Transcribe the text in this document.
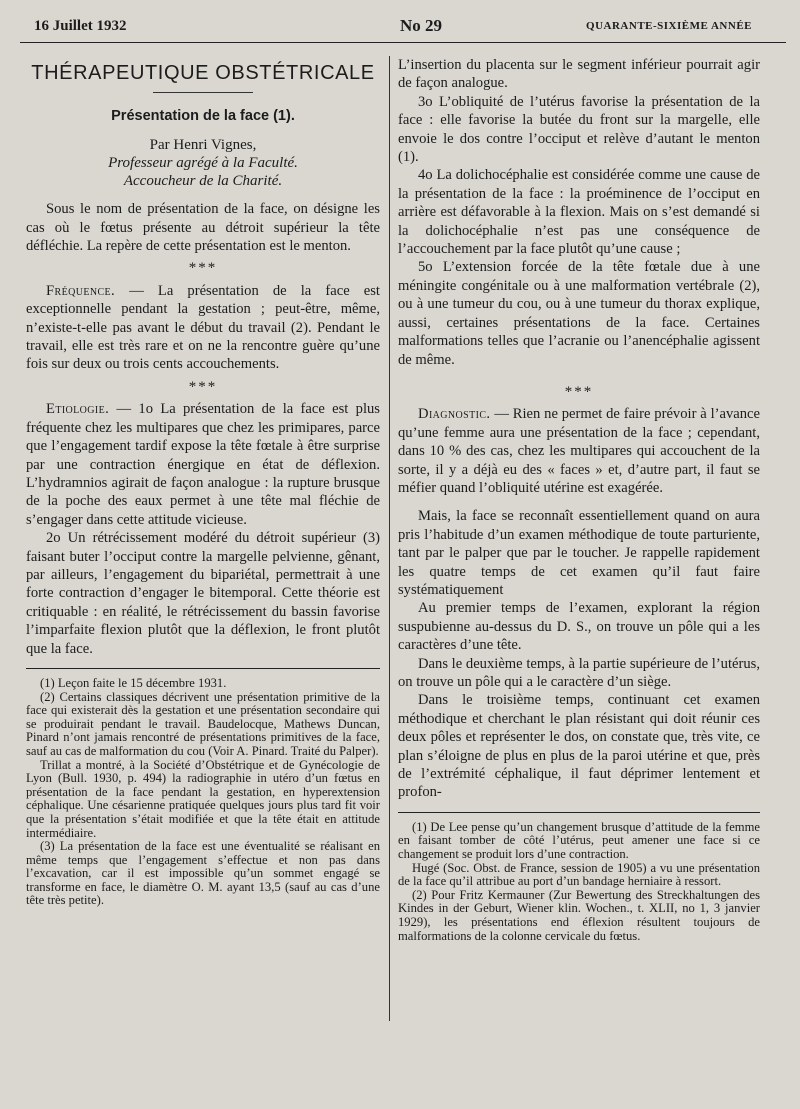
16 Juillet 1932	No 29	QUARANTE-SIXIÈME ANNÉE
THÉRAPEUTIQUE OBSTÉTRICALE
Présentation de la face (1).
Par Henri Vignes,
Professeur agrégé à la Faculté.
Accoucheur de la Charité.

Sous le nom de présentation de la face, on désigne les cas où le fœtus présente au détroit supérieur la tête défléchie. La repère de cette présentation est le menton.

***

Fréquence. — La présentation de la face est exceptionnelle pendant la gestation ; peut-être, même, n’existe-t-elle pas avant le début du travail (2). Pendant le travail, elle est très rare et on ne la rencontre guère qu’une fois sur deux ou trois cents accouchements.

***

Etiologie. — 1o La présentation de la face est plus fréquente chez les multipares que chez les primipares, parce que l’engagement tardif expose la tête fœtale à être surprise par une contraction énergique en état de déflexion. L’hydramnios agirait de façon analogue : la rupture brusque de la poche des eaux permet à une tête mal fléchie de s’engager dans cette attitude vicieuse.

2o Un rétrécissement modéré du détroit supérieur (3) faisant buter l’occiput contre la margelle pelvienne, gênant, par ailleurs, l’engagement du bipariétal, permettrait à une forte contraction d’engager le bitemporal. Cette théorie est critiquable : en réalité, le rétrécissement du bassin favorise l’imparfaite flexion plutôt que la déflexion, le front plutôt que la face.

(1) Leçon faite le 15 décembre 1931.

(2) Certains classiques décrivent une présentation primitive de la face qui existerait dès la gestation et une présentation secondaire qui se produirait pendant le travail. Baudelocque, Mathews Duncan, Pinard n’ont jamais rencontré de présentations primitives de la face, sauf au cas de malformation du cou (Voir A. Pinard. Traité du Palper).

Trillat a montré, à la Société d’Obstétrique et de Gynécologie de Lyon (Bull. 1930, p. 494) la radiographie in utéro d’un fœtus en présentation de la face pendant la gestation, en hyperextension céphalique. Une césarienne pratiquée quelques jours plus tard fit voir que la présentation s’était modifiée et que la tête était en attitude intermédiaire.

(3) La présentation de la face est une éventualité se réalisant en même temps que l’engagement s’effectue et non pas dans l’excavation, car il est impossible qu’un sommet engagé se transforme en face, le diamètre O. M. ayant 13,5 (sauf au cas d’une tête très petite).

L’insertion du placenta sur le segment inférieur pourrait agir de façon analogue.

3o L’obliquité de l’utérus favorise la présentation de la face : elle favorise la butée du front sur la margelle, elle envoie le dos contre l’occiput et relève d’autant le menton (1).

4o La dolichocéphalie est considérée comme une cause de la présentation de la face : la proéminence de l’occiput en arrière est défavorable à la flexion. Mais on s’est demandé si la dolichocéphalie n’est pas une conséquence de l’accouchement par la face plutôt qu’une cause ;

5o L’extension forcée de la tête fœtale due à une méningite congénitale ou à une malformation vertébrale (2), ou à une tumeur du cou, ou à une tumeur du thorax explique, aussi, certaines présentations de la face. Certaines malformations telles que l’acranie ou l’anencéphalie agissent de même.

***

Diagnostic. — Rien ne permet de faire prévoir à l’avance qu’une femme aura une présentation de la face ; cependant, dans 10 % des cas, chez les multipares qui accouchent de la sorte, il y a déjà eu des « faces » et, d’autre part, il faut se méfier quand l’obliquité utérine est exagérée.

Mais, la face se reconnaît essentiellement quand on aura pris l’habitude d’un examen méthodique de toute parturiente, tant par le palper que par le toucher. Je rappelle rapidement les quatre temps de cet examen qu’il faut faire systématiquement

Au premier temps de l’examen, explorant la région suspubienne au-dessus du D. S., on trouve un pôle qui a les caractères d’une tête.

Dans le deuxième temps, à la partie supérieure de l’utérus, on trouve un pôle qui a le caractère d’un siège.

Dans le troisième temps, continuant cet examen méthodique et cherchant le plan résistant qui doit réunir ces deux pôles et représenter le dos, on constate que, très vite, ce plan s’éloigne de plus en plus de la paroi utérine et que, près de l’extrémité céphalique, il faut déprimer lentement et profon-

(1) De Lee pense qu’un changement brusque d’attitude de la femme en faisant tomber de côté l’utérus, peut amener une face si ce changement se produit lors d’une contraction.

Hugé (Soc. Obst. de France, session de 1905) a vu une présentation de la face qu’il attribue au port d’un bandage herniaire à ressort.

(2) Pour Fritz Kermauner (Zur Bewertung des Streckhaltungen des Kindes in der Geburt, Wiener klin. Wochen., t. XLII, no 1, 3 janvier 1929), les présentations end éflexion résultent toujours de malformations de la colonne cervicale du fœtus.
